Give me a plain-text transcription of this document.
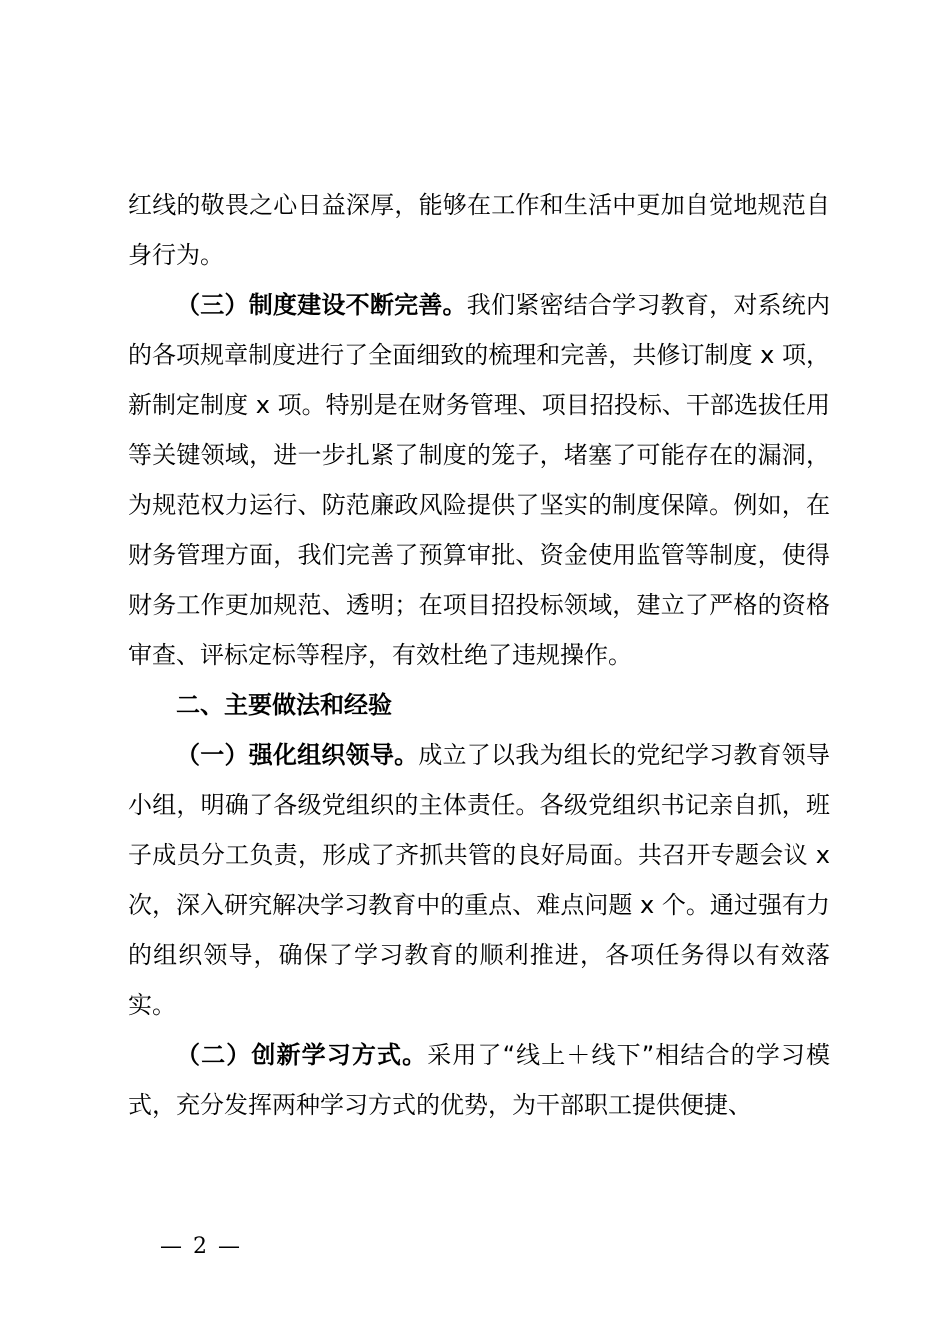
红线的敬畏之心日益深厚，能够在工作和生活中更加自觉地规范自身行为。

（三）制度建设不断完善。我们紧密结合学习教育，对系统内的各项规章制度进行了全面细致的梳理和完善，共修订制度 x 项，新制定制度 x 项。特别是在财务管理、项目招投标、干部选拔任用等关键领域，进一步扎紧了制度的笼子，堵塞了可能存在的漏洞，为规范权力运行、防范廉政风险提供了坚实的制度保障。例如，在财务管理方面，我们完善了预算审批、资金使用监管等制度，使得财务工作更加规范、透明；在项目招投标领域，建立了严格的资格审查、评标定标等程序，有效杜绝了违规操作。

二、主要做法和经验

（一）强化组织领导。成立了以我为组长的党纪学习教育领导小组，明确了各级党组织的主体责任。各级党组织书记亲自抓，班子成员分工负责，形成了齐抓共管的良好局面。共召开专题会议 x 次，深入研究解决学习教育中的重点、难点问题 x 个。通过强有力的组织领导，确保了学习教育的顺利推进，各项任务得以有效落实。

（二）创新学习方式。采用了“线上＋线下”相结合的学习模式，充分发挥两种学习方式的优势，为干部职工提供便捷、

— 2 —
